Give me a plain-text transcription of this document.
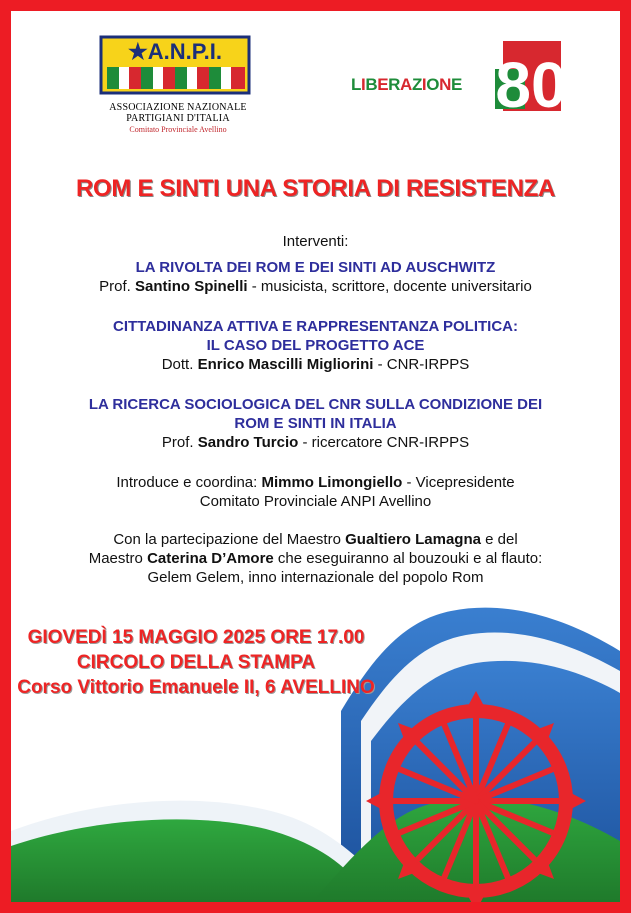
★A.N.P.I.
ASSOCIAZIONE NAZIONALE
PARTIGIANI D'ITALIA
Comitato Provinciale Avellino
80
LIBERAZIONE
ROM E SINTI UNA STORIA DI RESISTENZA
Interventi:
LA RIVOLTA DEI ROM E DEI SINTI AD AUSCHWITZ
Prof. Santino Spinelli - musicista, scrittore, docente universitario
CITTADINANZA ATTIVA E RAPPRESENTANZA POLITICA:
IL CASO DEL PROGETTO ACE
Dott. Enrico Mascilli Migliorini - CNR-IRPPS
LA RICERCA SOCIOLOGICA DEL CNR SULLA CONDIZIONE DEI
ROM E SINTI IN ITALIA
Prof. Sandro Turcio - ricercatore CNR-IRPPS
Introduce e coordina: Mimmo Limongiello - Vicepresidente
Comitato Provinciale ANPI Avellino
Con la partecipazione del Maestro Gualtiero Lamagna e del
Maestro Caterina D’Amore che eseguiranno al bouzouki e al flauto:
Gelem Gelem, inno internazionale del popolo Rom
GIOVEDÌ 15 MAGGIO 2025 ORE 17.00
CIRCOLO DELLA STAMPA
Corso Vittorio Emanuele II, 6 AVELLINO
